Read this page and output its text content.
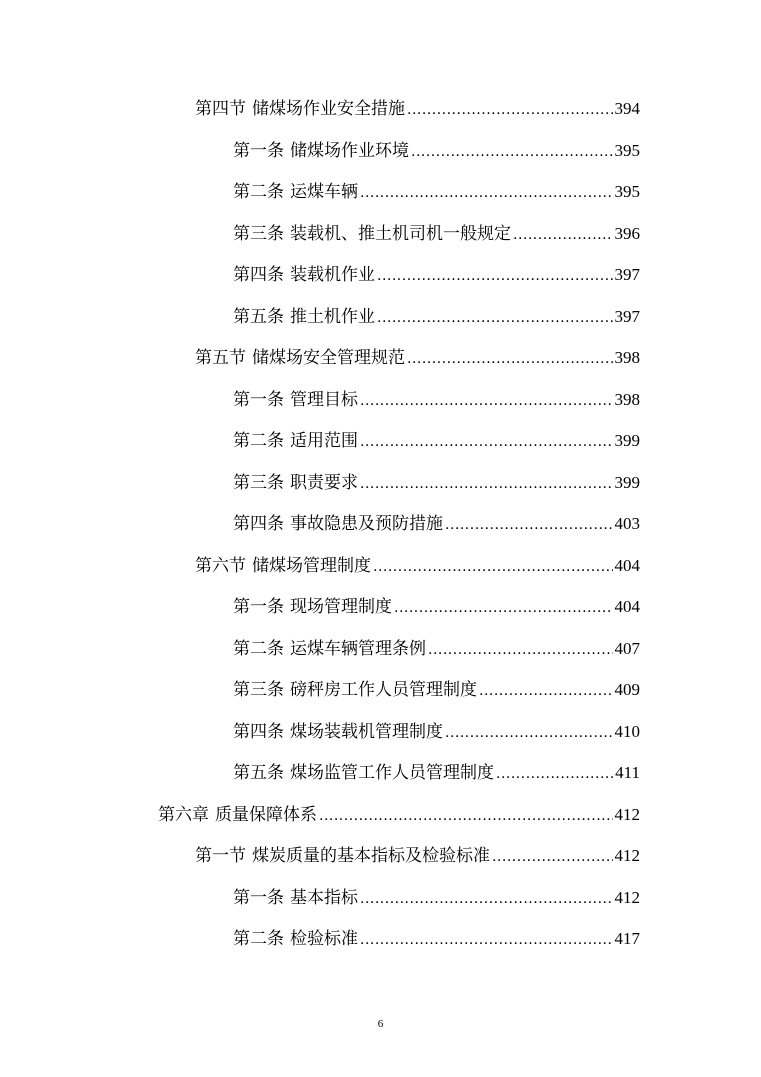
第四节 储煤场作业安全措施 .....	394
第一条 储煤场作业环境 .....	395
第二条 运煤车辆 .....	395
第三条 装载机、推土机司机一般规定 .....	396
第四条 装载机作业 .....	397
第五条 推土机作业 .....	397
第五节 储煤场安全管理规范 .....	398
第一条 管理目标 .....	398
第二条 适用范围 .....	399
第三条 职责要求 .....	399
第四条 事故隐患及预防措施 .....	403
第六节 储煤场管理制度 .....	404
第一条 现场管理制度 .....	404
第二条 运煤车辆管理条例 .....	407
第三条 磅秤房工作人员管理制度 .....	409
第四条 煤场装载机管理制度 .....	410
第五条 煤场监管工作人员管理制度 .....	411
第六章 质量保障体系 .....	412
第一节 煤炭质量的基本指标及检验标准 .....	412
第一条 基本指标 .....	412
第二条 检验标准 .....	417
6
